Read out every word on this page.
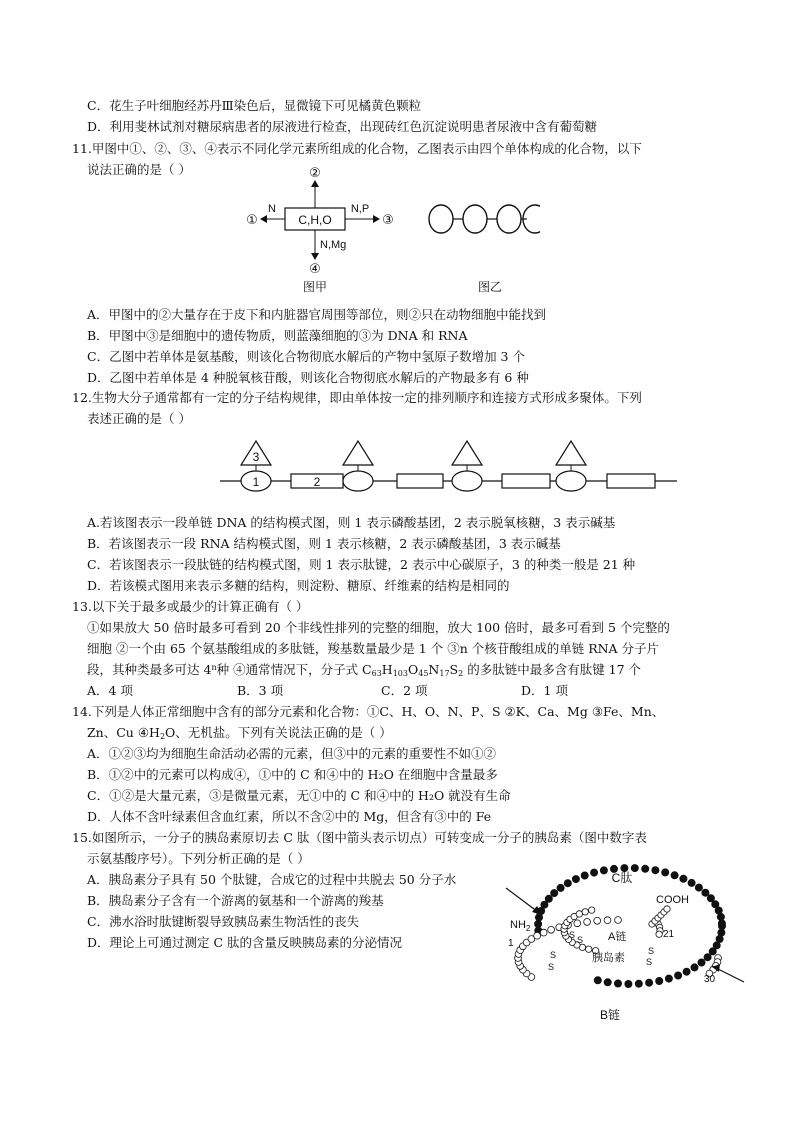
C．花生子叶细胞经苏丹Ⅲ染色后，显微镜下可见橘黄色颗粒
D．利用斐林试剂对糖尿病患者的尿液进行检查，出现砖红色沉淀说明患者尿液中含有葡萄糖
11.甲图中①、②、③、④表示不同化学元素所组成的化合物，乙图表示由四个单体构成的化合物，以下
说法正确的是（ ）
C,H,O
②
N
①
N,P
③
N,Mg
④
图甲	图乙
A．甲图中的②大量存在于皮下和内脏器官周围等部位，则②只在动物细胞中能找到
B．甲图中③是细胞中的遗传物质，则蓝藻细胞的③为 DNA 和 RNA
C．乙图中若单体是氨基酸，则该化合物彻底水解后的产物中氢原子数增加 3 个
D．乙图中若单体是 4 种脱氧核苷酸，则该化合物彻底水解后的产物最多有 6 种
12.生物大分子通常都有一定的分子结构规律，即由单体按一定的排列顺序和连接方式形成多聚体。下列
表述正确的是（ ）
3
1	2
A.若该图表示一段单链 DNA 的结构模式图，则 1 表示磷酸基团，2 表示脱氧核糖，3 表示碱基
B．若该图表示一段 RNA 结构模式图，则 1 表示核糖，2 表示磷酸基团，3 表示碱基
C．若该图表示一段肽链的结构模式图，则 1 表示肽键，2 表示中心碳原子，3 的种类一般是 21 种
D．若该模式图用来表示多糖的结构，则淀粉、糖原、纤维素的结构是相同的
13.以下关于最多或最少的计算正确有（ ）
①如果放大 50 倍时最多可看到 20 个非线性排列的完整的细胞，放大 100 倍时，最多可看到 5 个完整的
细胞 ②一个由 65 个氨基酸组成的多肽链，羧基数量最少是 1 个 ③n 个核苷酸组成的单链 RNA 分子片
段，其种类最多可达 4$^n$种 ④通常情况下，分子式 $C_{63}H_{103}O_{45}N_{17}S_2$ 的多肽链中最多含有肽键 17 个
A．4 项	B．3 项	C．2 项	D．1 项
14.下列是人体正常细胞中含有的部分元素和化合物：①C、H、O、N、P、S ②K、Ca、Mg ③Fe、Mn、
Zn、Cu $④H_2O$、无机盐。下列有关说法正确的是（ ）
A．①②③均为细胞生命活动必需的元素，但③中的元素的重要性不如①②
B．①②中的元素可以构成④，①中的 C 和④中的 H₂O 在细胞中含量最多
C．①②是大量元素，③是微量元素，无①中的 C 和④中的 H₂O 就没有生命
D．人体不含叶绿素但含血红素，所以不含②中的 Mg，但含有③中的 Fe
15.如图所示，一分子的胰岛素原切去 C 肽（图中箭头表示切点）可转变成一分子的胰岛素（图中数字表
示氨基酸序号）。下列分析正确的是（ ）
A．胰岛素分子具有 50 个肽键，合成它的过程中共脱去 50 分子水
B．胰岛素分子含有一个游离的氨基和一个游离的羧基
C．沸水浴时肽键断裂导致胰岛素生物活性的丧失
D．理论上可通过测定 C 肽的含量反映胰岛素的分泌情况
C肽
1
$NH_2$
1
COOH
21
A链
胰岛素
30
B链
S S
S
S
S
S
